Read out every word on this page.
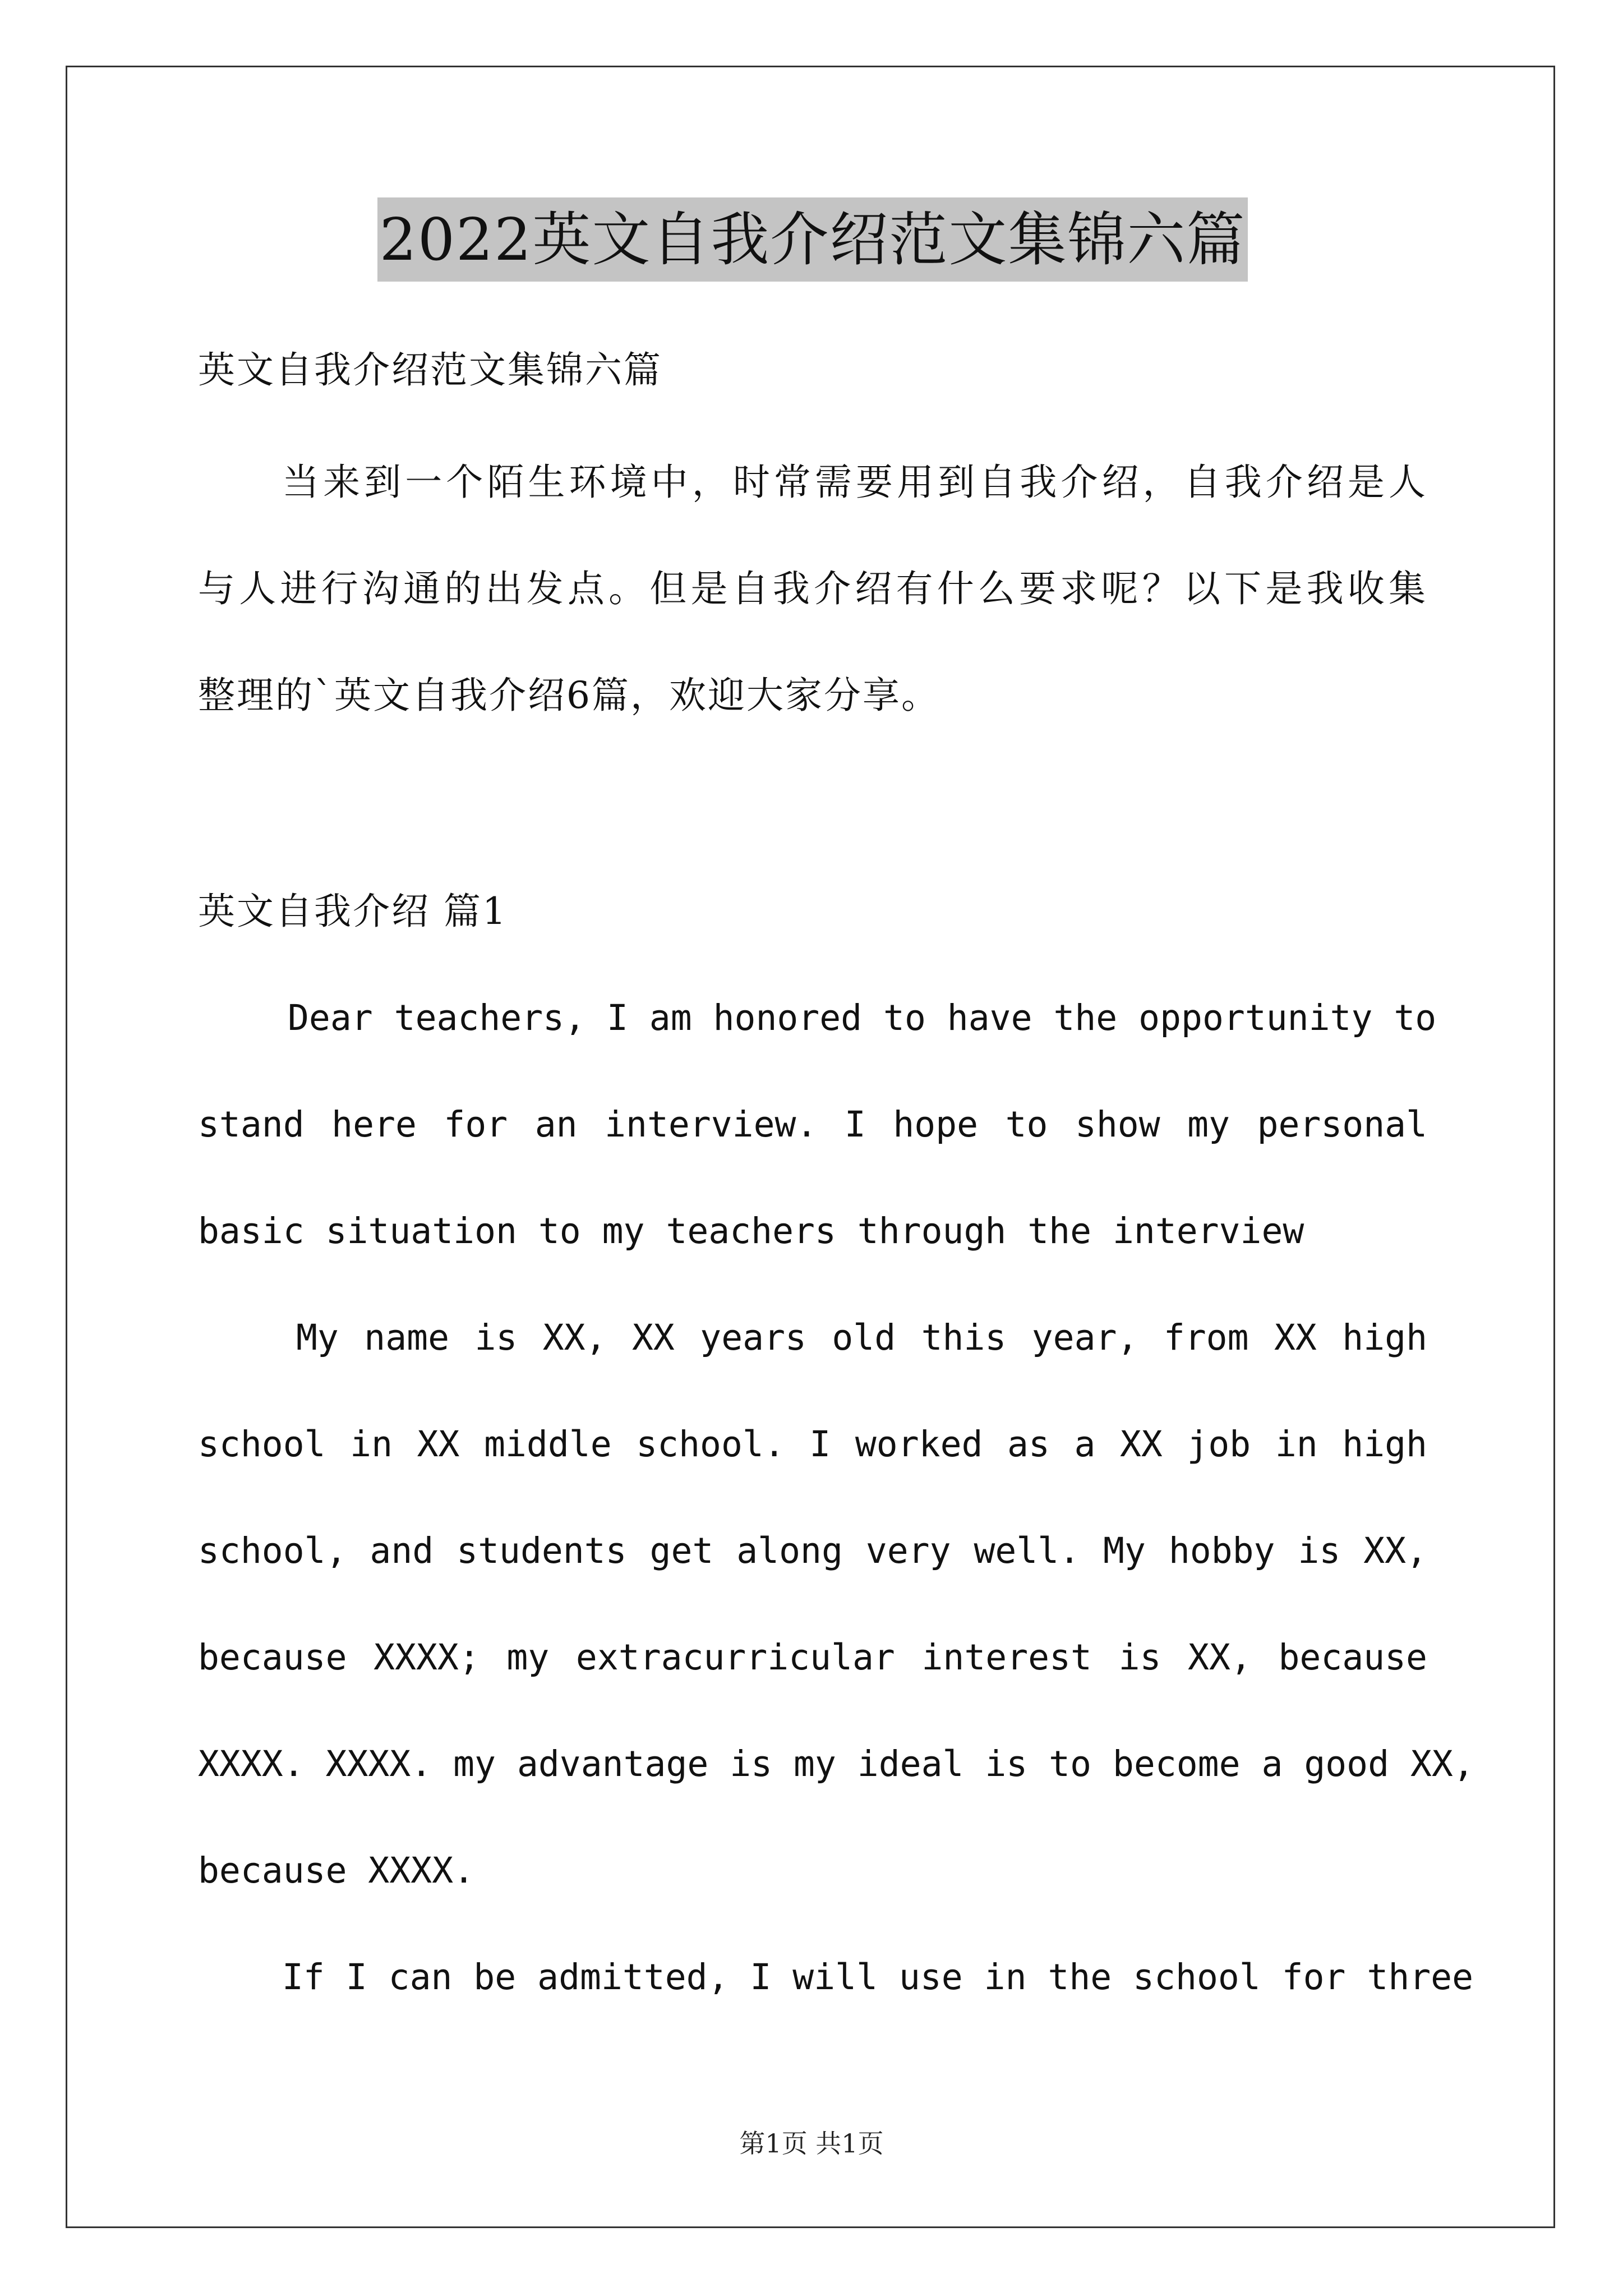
2022英文自我介绍范文集锦六篇
英文自我介绍范文集锦六篇
当来到一个陌生环境中，时常需要用到自我介绍，自我介绍是人
与人进行沟通的出发点。但是自我介绍有什么要求呢？以下是我收集
整理的`英文自我介绍6篇，欢迎大家分享。
英文自我介绍 篇1
Dear teachers, I am honored to have the opportunity to
stand here for an interview. I hope to show my personal
basic situation to my teachers through the interview
My name is XX, XX years old this year, from XX high
school in XX middle school. I worked as a XX job in high
school, and students get along very well. My hobby is XX,
because XXXX; my extracurricular interest is XX, because
XXXX. XXXX. my advantage is my ideal is to become a good XX,
because XXXX.
If I can be admitted, I will use in the school for three
第1页 共1页
